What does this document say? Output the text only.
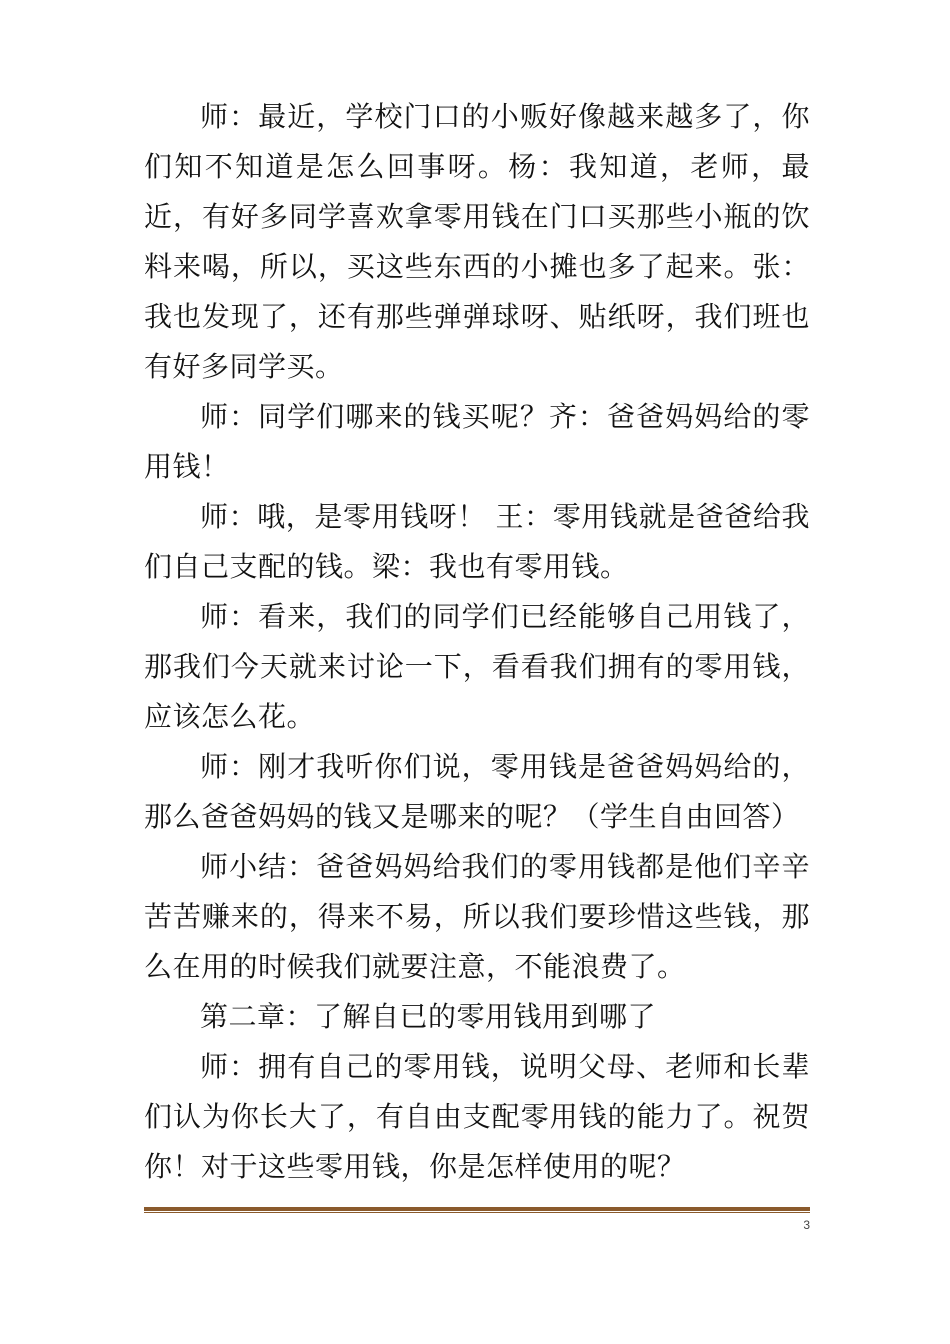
师：最近，学校门口的小贩好像越来越多了，你们知不知道是怎么回事呀。杨：我知道，老师，最近，有好多同学喜欢拿零用钱在门口买那些小瓶的饮料来喝，所以，买这些东西的小摊也多了起来。张：我也发现了，还有那些弹弹球呀、贴纸呀，我们班也有好多同学买。

师：同学们哪来的钱买呢？齐：爸爸妈妈给的零用钱！

师：哦，是零用钱呀！ 王：零用钱就是爸爸给我们自己支配的钱。梁：我也有零用钱。

师：看来，我们的同学们已经能够自己用钱了，那我们今天就来讨论一下，看看我们拥有的零用钱，应该怎么花。

师：刚才我听你们说，零用钱是爸爸妈妈给的，那么爸爸妈妈的钱又是哪来的呢？（学生自由回答）

师小结：爸爸妈妈给我们的零用钱都是他们辛辛苦苦赚来的，得来不易，所以我们要珍惜这些钱，那么在用的时候我们就要注意，不能浪费了。

第二章：了解自已的零用钱用到哪了

师：拥有自己的零用钱，说明父母、老师和长辈们认为你长大了，有自由支配零用钱的能力了。祝贺你！对于这些零用钱，你是怎样使用的呢？

3
